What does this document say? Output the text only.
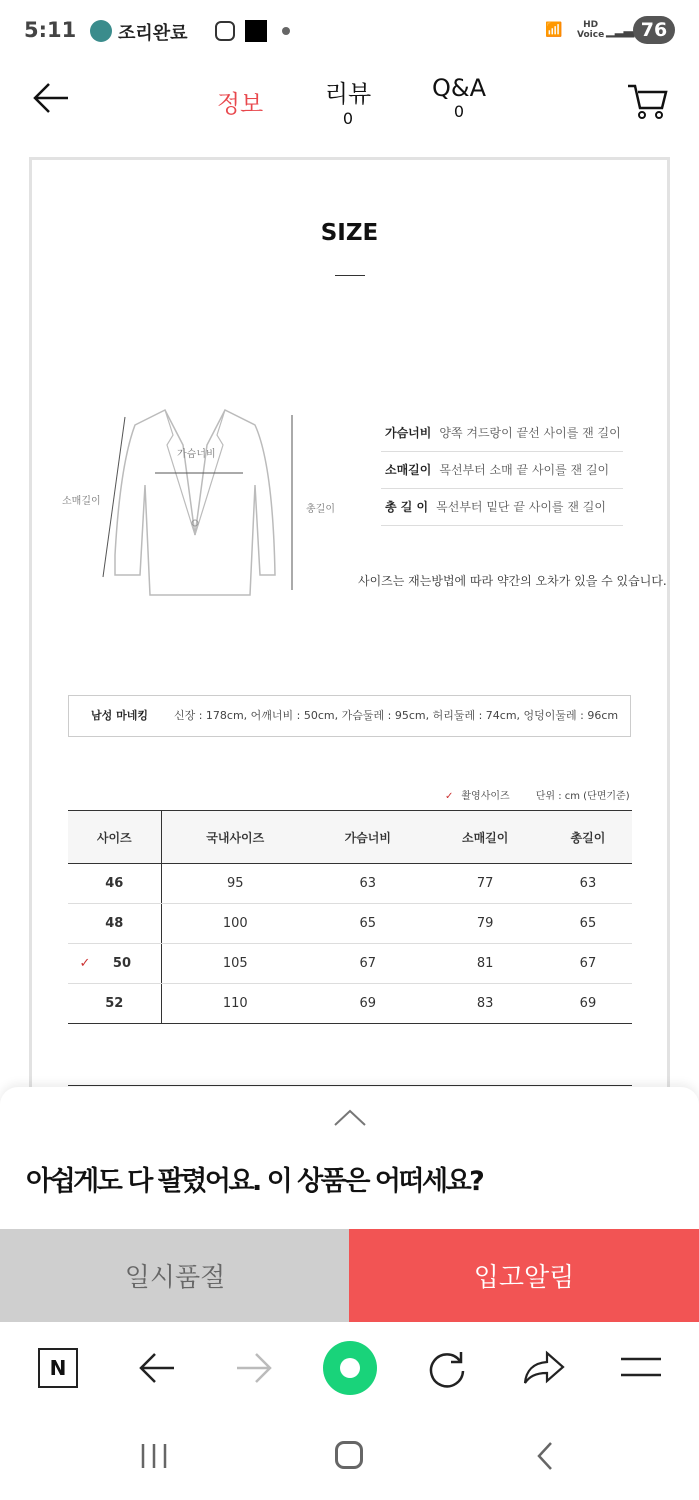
5:11 조리완료	📶	HD
Voice ▁▂▃ 76
정보	리뷰
0
Q&A
0
SIZE
가슴너비
소매길이
총길이
가슴너비 양쪽 겨드랑이 끝선 사이를 잰 길이
소매길이 목선부터 소매 끝 사이를 잰 길이
총 길 이 목선부터 밑단 끝 사이를 잰 길이
사이즈는 재는방법에 따라 약간의 오차가 있을 수 있습니다.
남성 마네킹 신장 : 178cm, 어깨너비 : 50cm, 가슴둘레 : 95cm, 허리둘레 : 74cm, 엉덩이둘레 : 96cm
✓ 촬영사이즈	단위 : cm (단면기준)
사이즈	국내사이즈	가슴너비	소매길이	총길이
46	95	63	77	63
48	100	65	79	65
✓ 50	105	67	81	67
52	110	69	83	69
아쉽게도 다 팔렸어요. 이 상품은 어떠세요?
일시품절	입고알림
N
